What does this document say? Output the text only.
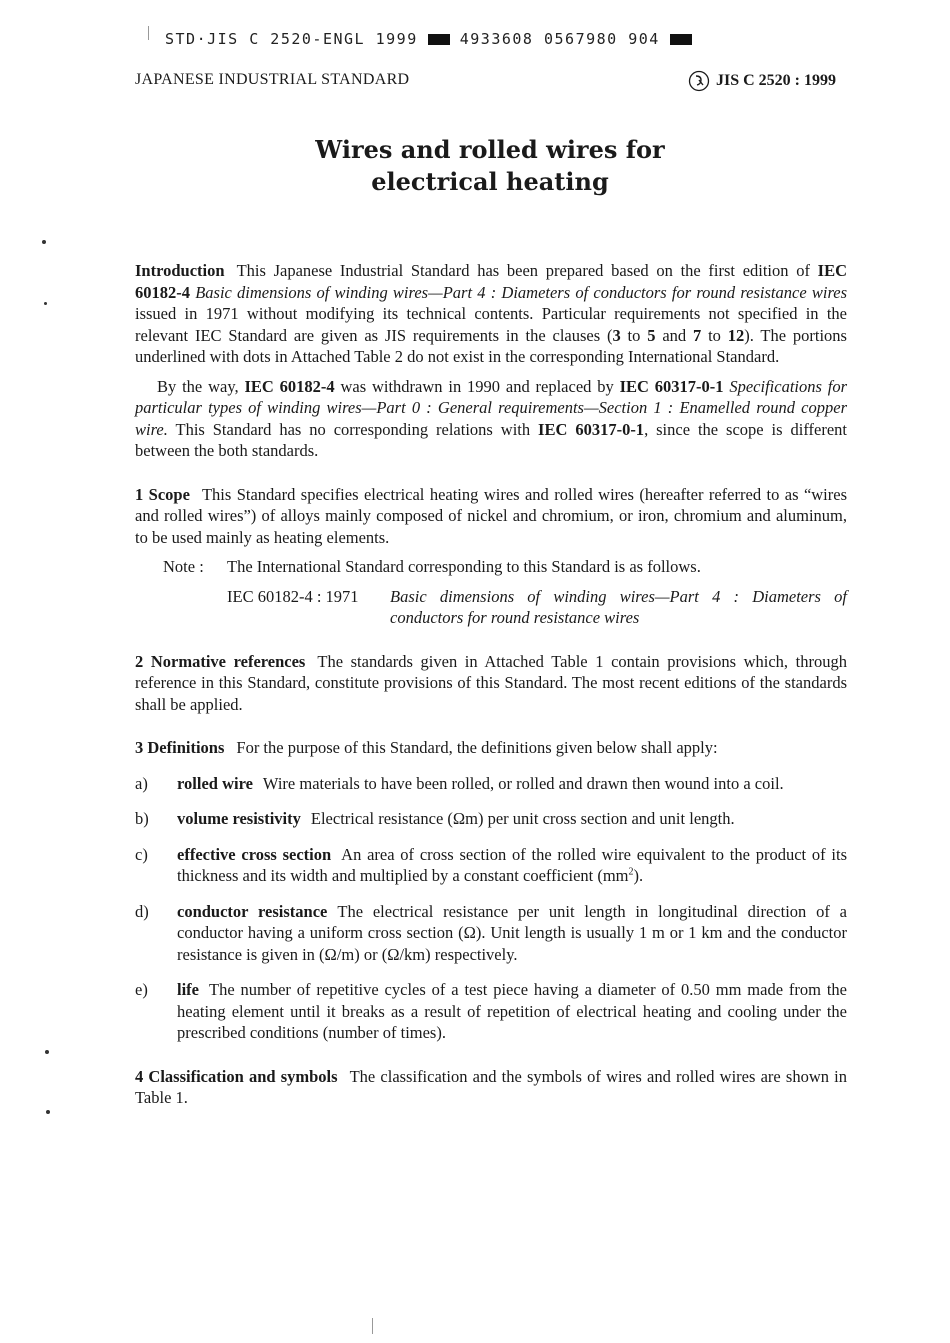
STD·JIS C 2520-ENGL 1999	4933608 0567980 904
JAPANESE INDUSTRIAL STANDARD	JIS C 2520 : 1999
Wires and rolled wires for
electrical heating

Introduction This Japanese Industrial Standard has been prepared based on the first edition of IEC 60182-4 Basic dimensions of winding wires—Part 4 : Diameters of conductors for round resistance wires issued in 1971 without modifying its technical contents. Particular requirements not specified in the relevant IEC Standard are given as JIS requirements in the clauses (3 to 5 and 7 to 12). The portions underlined with dots in Attached Table 2 do not exist in the corresponding International Standard.

By the way, IEC 60182-4 was withdrawn in 1990 and replaced by IEC 60317-0-1 Specifications for particular types of winding wires—Part 0 : General requirements—Section 1 : Enamelled round copper wire. This Standard has no corresponding relations with IEC 60317-0-1, since the scope is different between the both standards.

1 Scope This Standard specifies electrical heating wires and rolled wires (hereafter referred to as “wires and rolled wires”) of alloys mainly composed of nickel and chromium, or iron, chromium and aluminum, to be used mainly as heating elements.

Note :	The International Standard corresponding to this Standard is as follows.
IEC 60182-4 : 1971	Basic dimensions of winding wires—Part 4 : Diameters of conductors for round resistance wires

2 Normative references The standards given in Attached Table 1 contain provisions which, through reference in this Standard, constitute provisions of this Standard. The most recent editions of the standards shall be applied.

3 Definitions For the purpose of this Standard, the definitions given below shall apply:

a)	rolled wire Wire materials to have been rolled, or rolled and drawn then wound into a coil.
b)	volume resistivity Electrical resistance (Ωm) per unit cross section and unit length.
c)	effective cross section An area of cross section of the rolled wire equivalent to the product of its thickness and its width and multiplied by a constant coefficient $(mm^2)$.
d)	conductor resistance The electrical resistance per unit length in longitudinal direction of a conductor having a uniform cross section (Ω). Unit length is usually 1 m or 1 km and the conductor resistance is given in (Ω/m) or (Ω/km) respectively.
e)	life The number of repetitive cycles of a test piece having a diameter of 0.50 mm made from the heating element until it breaks as a result of repetition of electrical heating and cooling under the prescribed conditions (number of times).

4 Classification and symbols The classification and the symbols of wires and rolled wires are shown in Table 1.
